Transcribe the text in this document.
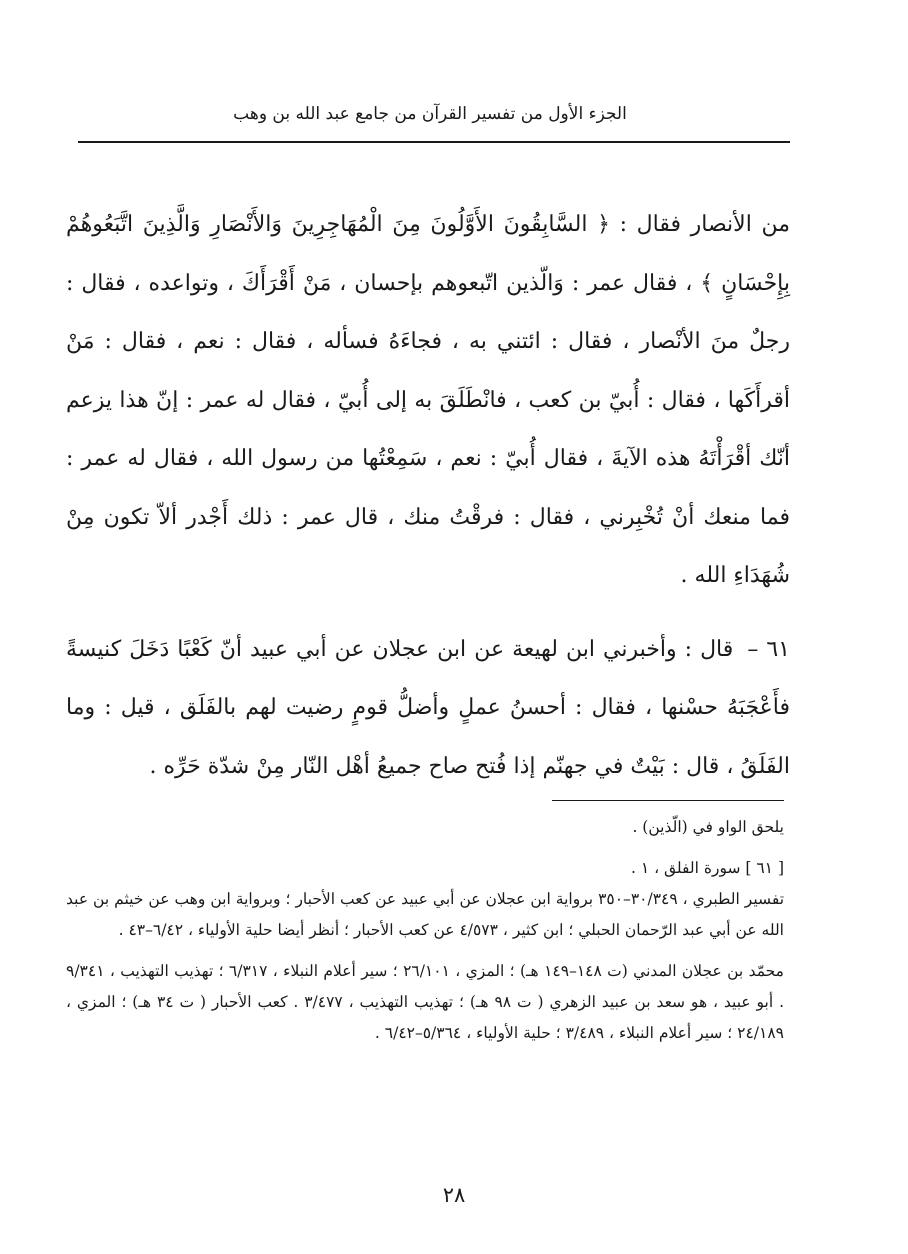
الجزء الأول من تفسير القرآن من جامع عبد الله بن وهب

من الأنصار فقال : ﴿ السَّابِقُونَ الأَوَّلُونَ مِنَ الْمُهَاجِرِينَ وَالأَنْصَارِ وَالَّذِينَ اتَّبَعُوهُمْ بِإِحْسَانٍ ﴾ ، فقال عمر : وَالّذين اتّبعوهم بإحسان ، مَنْ أَقْرَأَكَ ، وتواعده ، فقال : رجلٌ منَ الأنْصار ، فقال : ائتني به ، فجاءَهُ فسأله ، فقال : نعم ، فقال : مَنْ أقرأَكَها ، فقال : أُبيّ بن كعب ، فانْطَلَقَ به إلى أُبيّ ، فقال له عمر : إنّ هذا يزعم أنّك أقْرَأْتَهُ هذه الآيةَ ، فقال أُبيّ : نعم ، سَمِعْتُها من رسول الله ، فقال له عمر : فما منعك أنْ تُخْبِرني ، فقال : فرقْتُ منك ، قال عمر : ذلك أَجْدر ألاّ تكون مِنْ شُهَدَاءِ الله .

٦١ – قال : وأخبرني ابن لهيعة عن ابن عجلان عن أبي عبيد أنّ كَعْبًا دَخَلَ كنيسةً فأَعْجَبَهُ حسْنها ، فقال : أحسنُ عملٍ وأضلُّ قومٍ رضيت لهم بالفَلَق ، قيل : وما الفَلَقُ ، قال : بَيْتٌ في جهنّم إذا فُتح صاح جميعُ أهْل النّار مِنْ شدّة حَرِّه .

يلحق الواو في (الّذين) .

[ ٦١ ] سورة الفلق ، ١ .

تفسير الطبري ، ٣٠/٣٤٩–٣٥٠ برواية ابن عجلان عن أبي عبيد عن كعب الأحبار ؛ وبرواية ابن وهب عن خيثم بن عبد الله عن أبي عبد الرّحمان الحبلي ؛ ابن كثير ، ٤/٥٧٣ عن كعب الأحبار ؛ أنظر أيضا حلية الأولياء ، ٦/٤٢–٤٣ .

محمّد بن عجلان المدني (ت ١٤٨–١٤٩ هـ) ؛ المزي ، ٢٦/١٠١ ؛ سير أعلام النبلاء ، ٦/٣١٧ ؛ تهذيب التهذيب ، ٩/٣٤١ . أبو عبيد ، هو سعد بن عبيد الزهري ( ت ٩٨ هـ) ؛ تهذيب التهذيب ، ٣/٤٧٧ . كعب الأحبار ( ت ٣٤ هـ) ؛ المزي ، ٢٤/١٨٩ ؛ سير أعلام النبلاء ، ٣/٤٨٩ ؛ حلية الأولياء ، ٥/٣٦٤–٦/٤٢ .

٢٨
